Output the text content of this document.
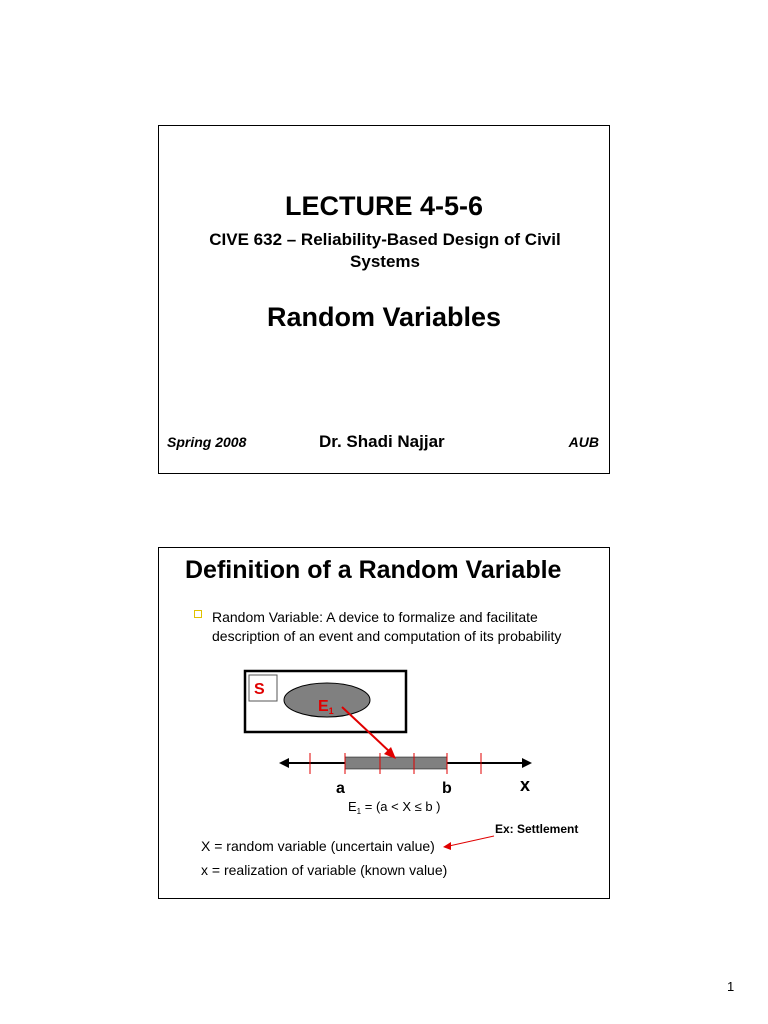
LECTURE 4-5-6
CIVE 632 – Reliability-Based Design of Civil Systems
Random Variables
Spring 2008	Dr. Shadi Najjar	AUB
Definition of a Random Variable
Random Variable: A device to formalize and facilitate description of an event and computation of its probability
S
E1
a	b	x
$E_1 = (a < X \le b$ )
Ex: Settlement
X = random variable (uncertain value)
x = realization of variable (known value)
1
